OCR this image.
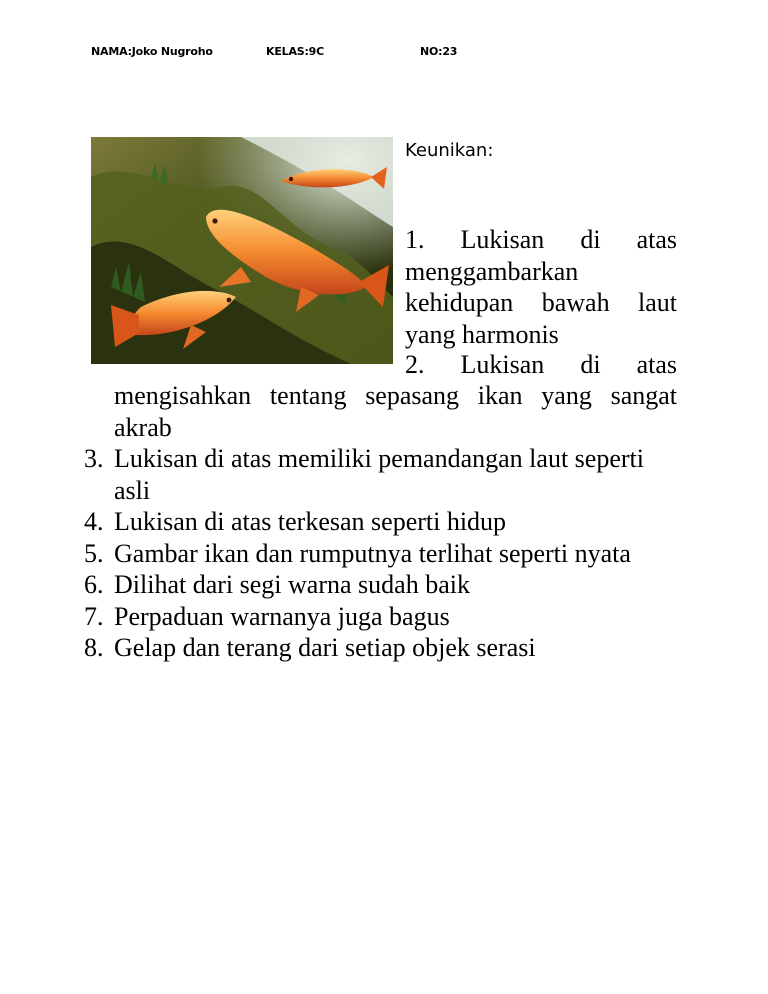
NAMA:Joko Nugroho	KELAS:9C	NO:23
Keunikan:
1. Lukisan di atas menggambarkan kehidupan bawah laut yang harmonis
2. Lukisan di atas
mengisahkan tentang sepasang ikan yang sangat akrab
3. Lukisan di atas memiliki pemandangan laut seperti asli
4. Lukisan di atas terkesan seperti hidup
5. Gambar ikan dan rumputnya terlihat seperti nyata
6. Dilihat dari segi warna sudah baik
7. Perpaduan warnanya juga bagus
8. Gelap dan terang dari setiap objek serasi
